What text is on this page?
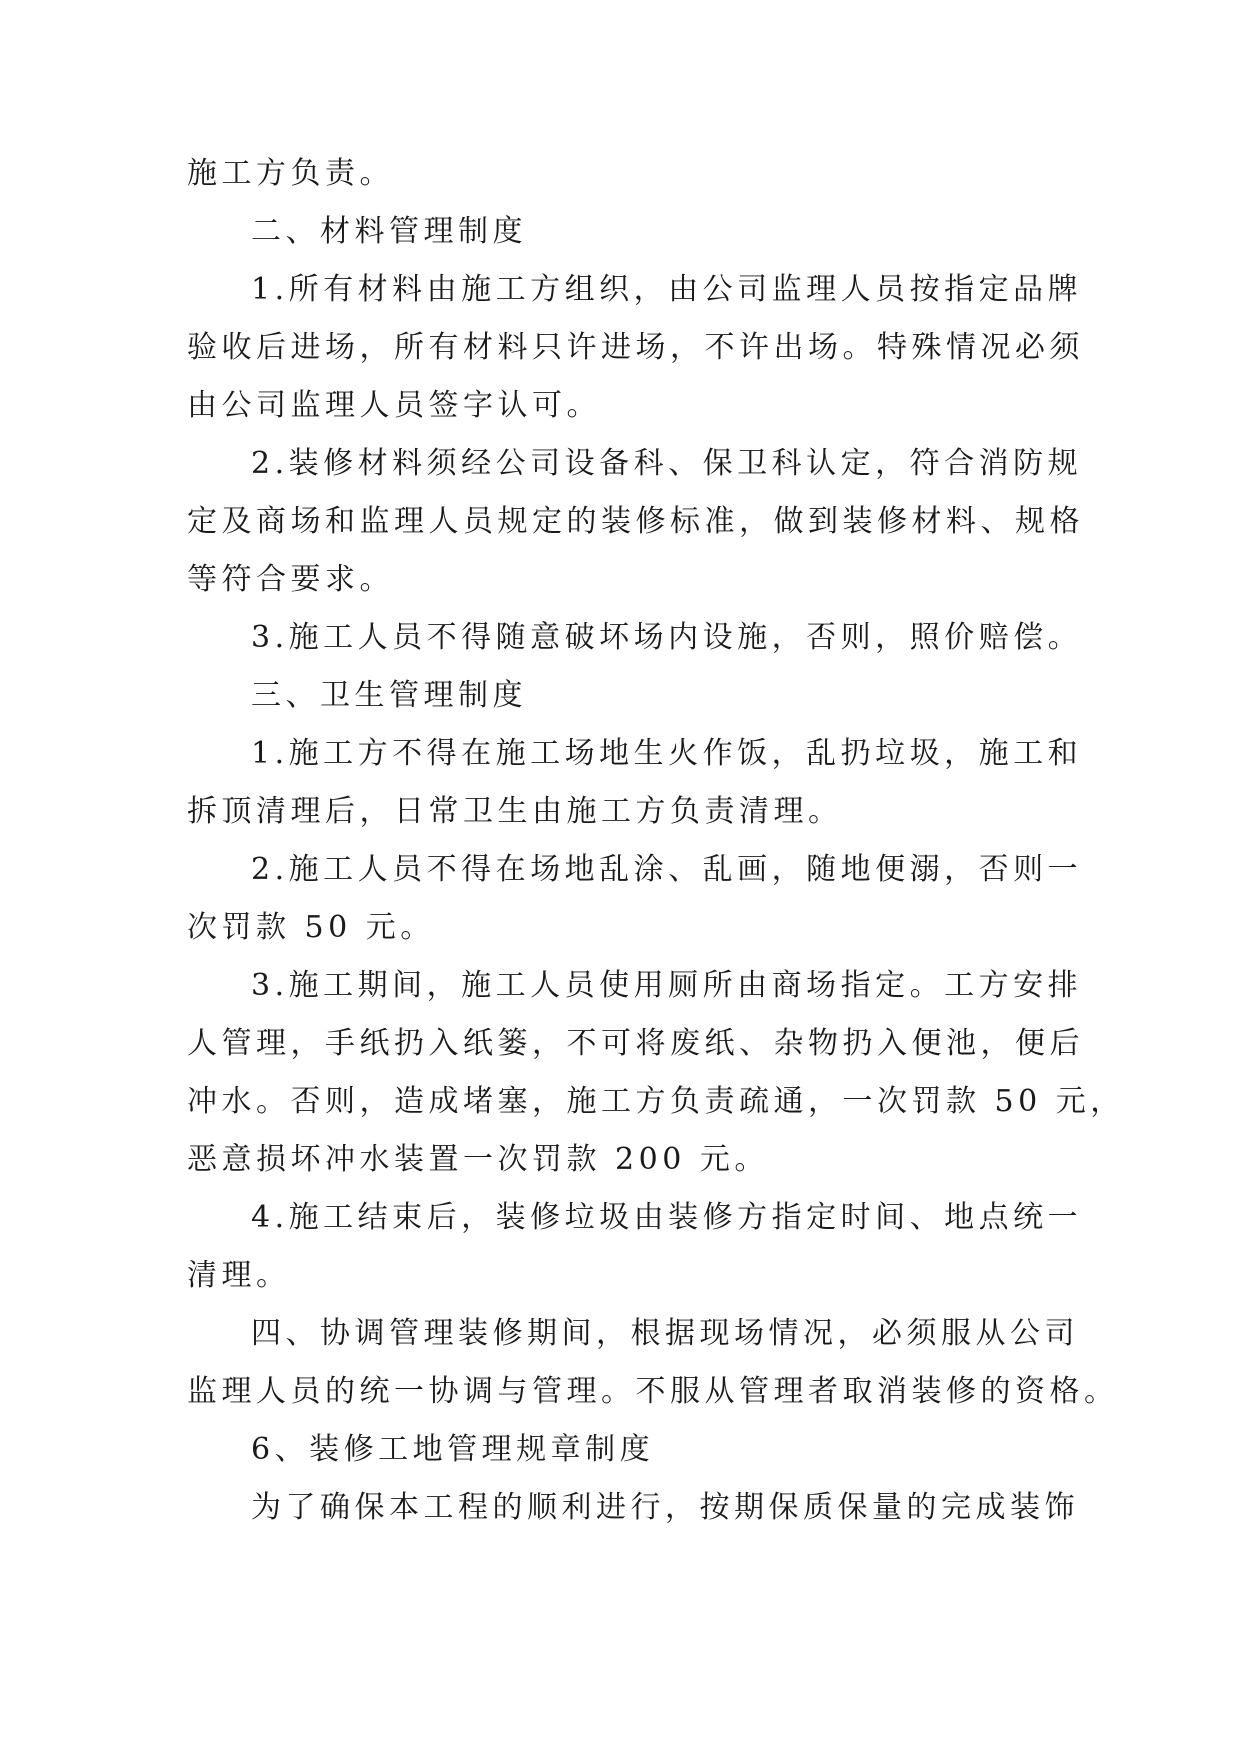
施工方负责。
二、材料管理制度
1.所有材料由施工方组织，由公司监理人员按指定品牌
验收后进场，所有材料只许进场，不许出场。特殊情况必须
由公司监理人员签字认可。
2.装修材料须经公司设备科、保卫科认定，符合消防规
定及商场和监理人员规定的装修标准，做到装修材料、规格
等符合要求。
3.施工人员不得随意破坏场内设施，否则，照价赔偿。
三、卫生管理制度
1.施工方不得在施工场地生火作饭，乱扔垃圾，施工和
拆顶清理后，日常卫生由施工方负责清理。
2.施工人员不得在场地乱涂、乱画，随地便溺，否则一
次罚款 50 元。
3.施工期间，施工人员使用厕所由商场指定。工方安排
人管理，手纸扔入纸篓，不可将废纸、杂物扔入便池，便后
冲水。否则，造成堵塞，施工方负责疏通，一次罚款 50 元，
恶意损坏冲水装置一次罚款 200 元。
4.施工结束后，装修垃圾由装修方指定时间、地点统一
清理。
四、协调管理装修期间，根据现场情况，必须服从公司
监理人员的统一协调与管理。不服从管理者取消装修的资格。
6、装修工地管理规章制度
为了确保本工程的顺利进行，按期保质保量的完成装饰
